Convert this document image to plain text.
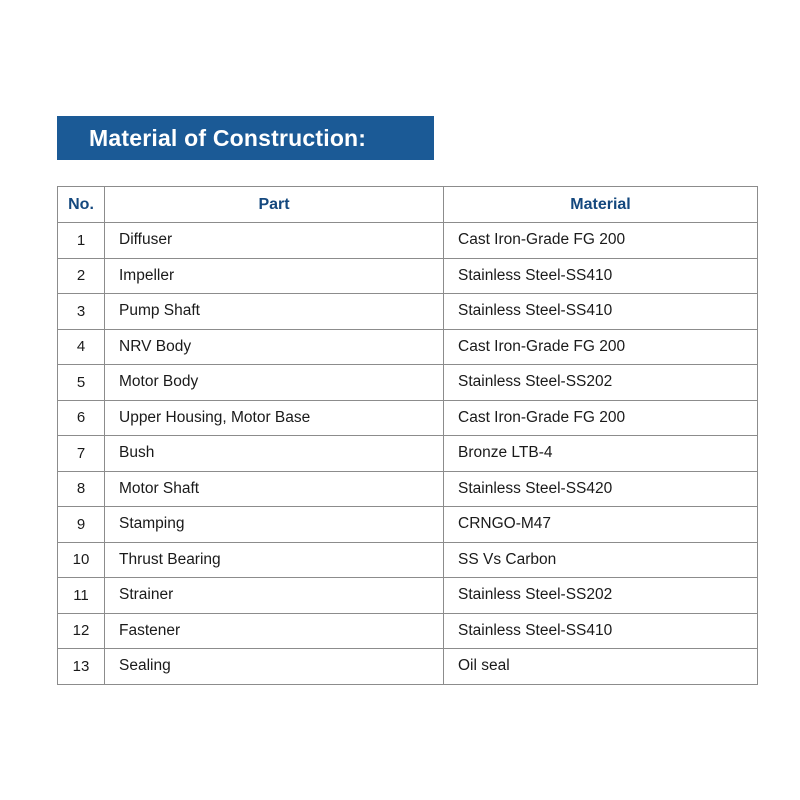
Material of Construction:
No.	Part	Material
1	Diffuser	Cast Iron-Grade FG 200
2	Impeller	Stainless Steel-SS410
3	Pump Shaft	Stainless Steel-SS410
4	NRV Body	Cast Iron-Grade FG 200
5	Motor Body	Stainless Steel-SS202
6	Upper Housing, Motor Base	Cast Iron-Grade FG 200
7	Bush	Bronze LTB-4
8	Motor Shaft	Stainless Steel-SS420
9	Stamping	CRNGO-M47
10	Thrust Bearing	SS Vs Carbon
11	Strainer	Stainless Steel-SS202
12	Fastener	Stainless Steel-SS410
13	Sealing	Oil seal
